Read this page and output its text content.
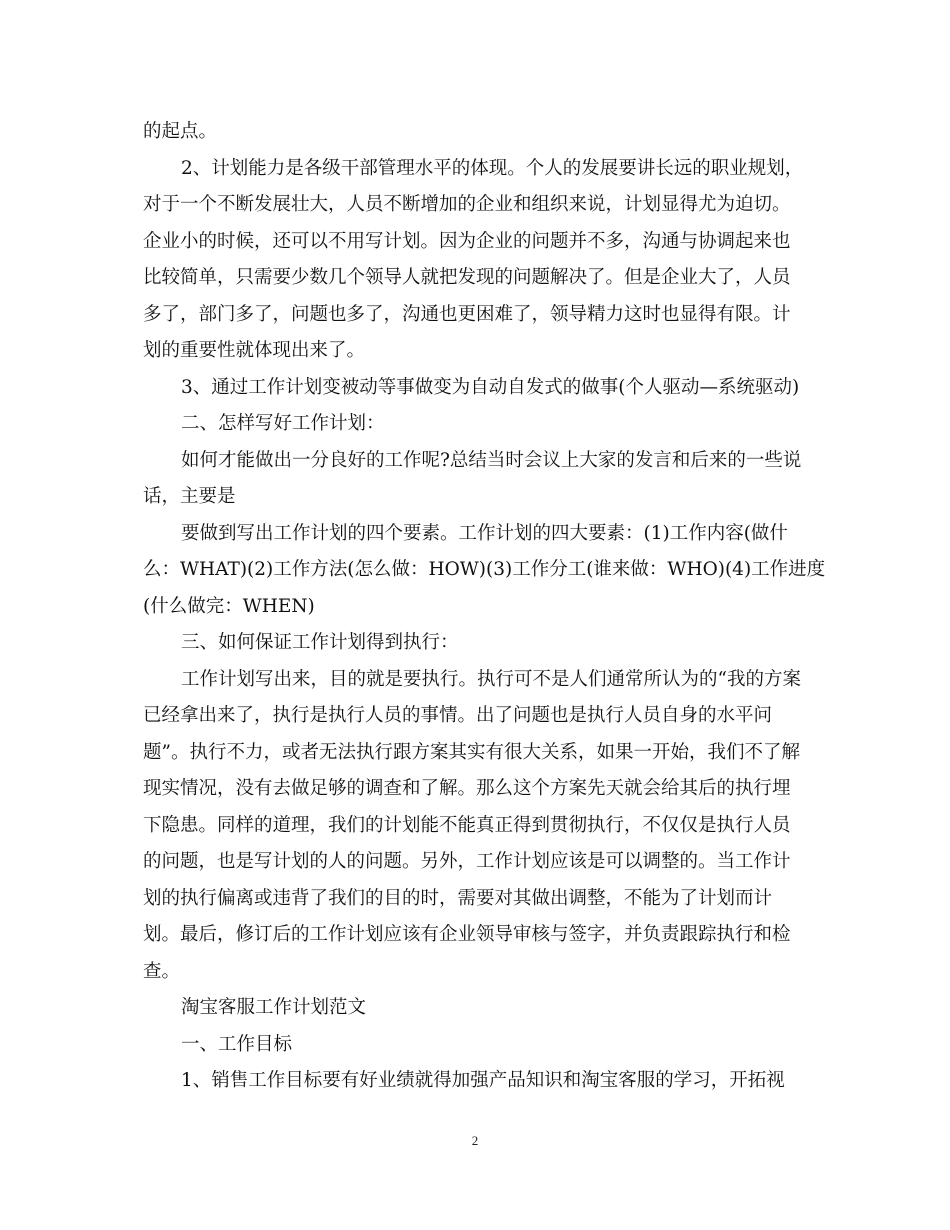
的起点。
2、计划能力是各级干部管理水平的体现。个人的发展要讲长远的职业规划，
对于一个不断发展壮大，人员不断增加的企业和组织来说，计划显得尤为迫切。
企业小的时候，还可以不用写计划。因为企业的问题并不多，沟通与协调起来也
比较简单，只需要少数几个领导人就把发现的问题解决了。但是企业大了，人员
多了，部门多了，问题也多了，沟通也更困难了，领导精力这时也显得有限。计
划的重要性就体现出来了。
3、通过工作计划变被动等事做变为自动自发式的做事(个人驱动—系统驱动)
二、怎样写好工作计划：
如何才能做出一分良好的工作呢?总结当时会议上大家的发言和后来的一些说
话，主要是
要做到写出工作计划的四个要素。工作计划的四大要素：(1)工作内容(做什
么：WHAT)(2)工作方法(怎么做：HOW)(3)工作分工(谁来做：WHO)(4)工作进度
(什么做完：WHEN)
三、如何保证工作计划得到执行：
工作计划写出来，目的就是要执行。执行可不是人们通常所认为的“我的方案
已经拿出来了，执行是执行人员的事情。出了问题也是执行人员自身的水平问
题”。执行不力，或者无法执行跟方案其实有很大关系，如果一开始，我们不了解
现实情况，没有去做足够的调查和了解。那么这个方案先天就会给其后的执行埋
下隐患。同样的道理，我们的计划能不能真正得到贯彻执行，不仅仅是执行人员
的问题，也是写计划的人的问题。另外，工作计划应该是可以调整的。当工作计
划的执行偏离或违背了我们的目的时，需要对其做出调整，不能为了计划而计
划。最后，修订后的工作计划应该有企业领导审核与签字，并负责跟踪执行和检
查。
淘宝客服工作计划范文
一、工作目标
1、销售工作目标要有好业绩就得加强产品知识和淘宝客服的学习，开拓视
2
